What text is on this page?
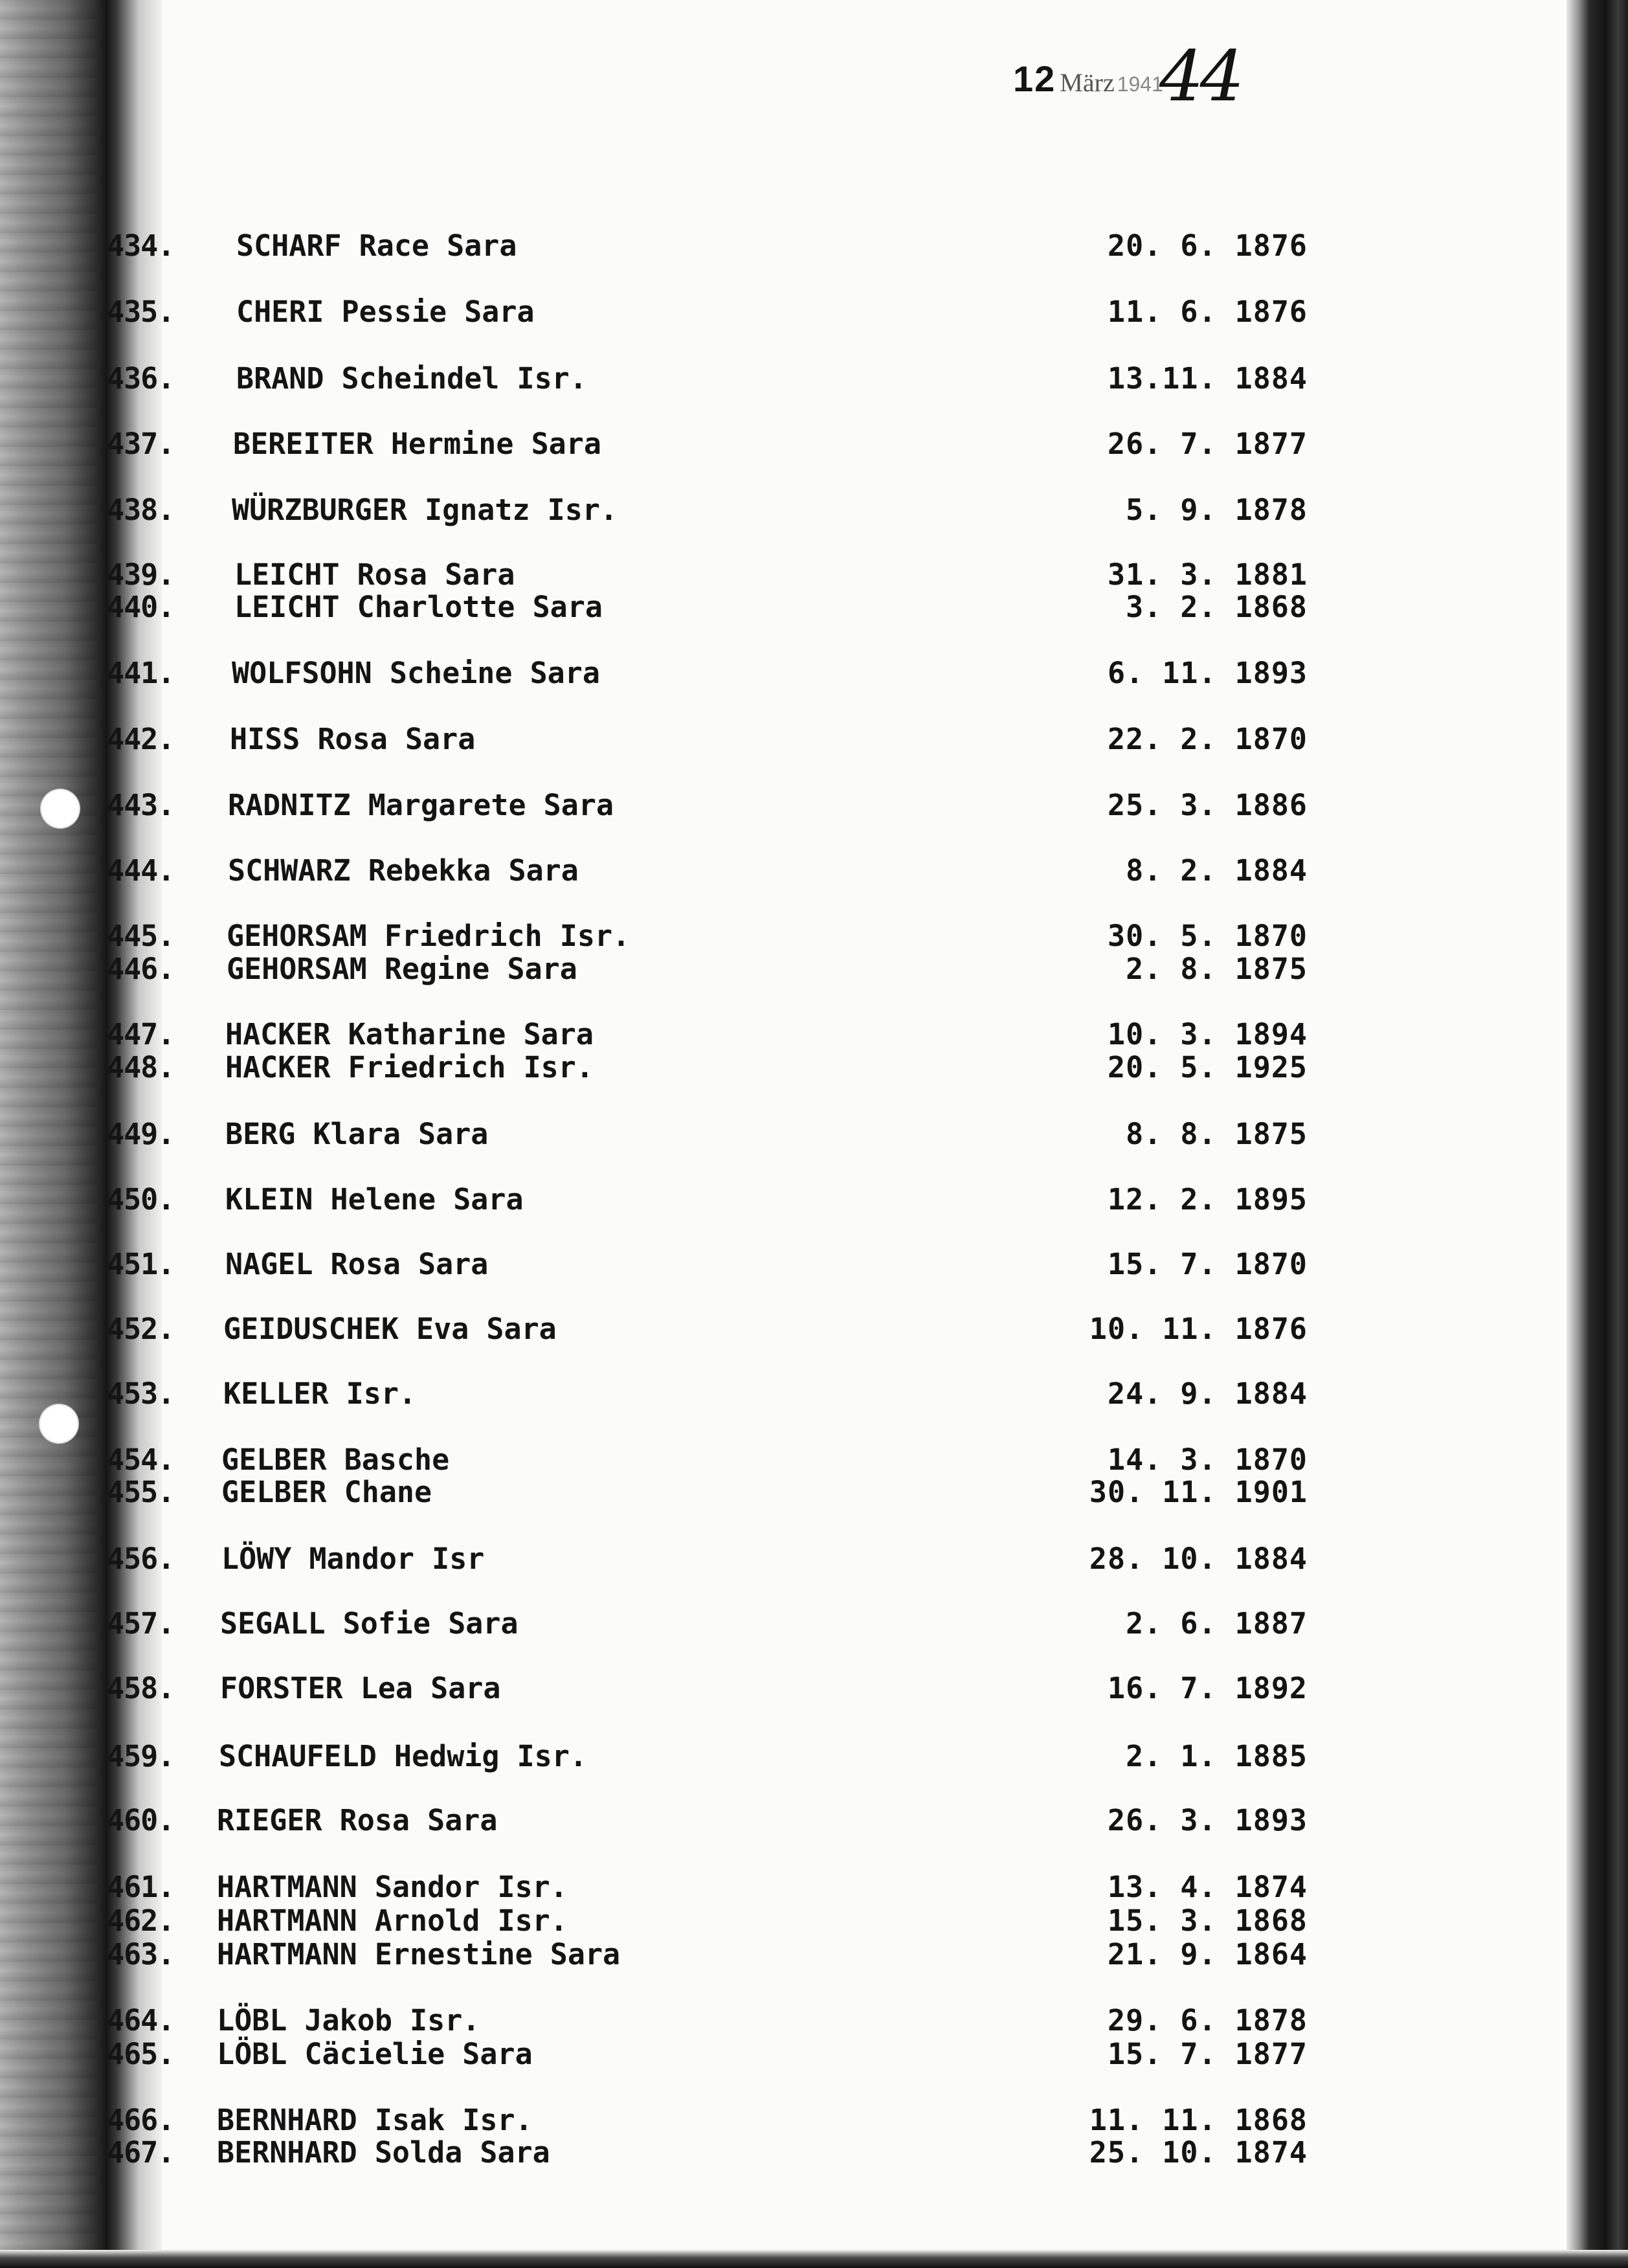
12 März 194144
434.	SCHARF Race Sara	20. 6. 1876
435.	CHERI Pessie Sara	11. 6. 1876
436.	BRAND Scheindel Isr.	13.11. 1884
437.	BEREITER Hermine Sara	26. 7. 1877
438.	WÜRZBURGER Ignatz Isr.	5. 9. 1878
439.	LEICHT Rosa Sara	31. 3. 1881
440.	LEICHT Charlotte Sara	3. 2. 1868
441.	WOLFSOHN Scheine Sara	6. 11. 1893
442.	HISS Rosa Sara	22. 2. 1870
443.	RADNITZ Margarete Sara	25. 3. 1886
444.	SCHWARZ Rebekka Sara	8. 2. 1884
445.	GEHORSAM Friedrich Isr.	30. 5. 1870
446.	GEHORSAM Regine Sara	2. 8. 1875
447.	HACKER Katharine Sara	10. 3. 1894
448.	HACKER Friedrich Isr.	20. 5. 1925
449.	BERG Klara Sara	8. 8. 1875
450.	KLEIN Helene Sara	12. 2. 1895
451.	NAGEL Rosa Sara	15. 7. 1870
452.	GEIDUSCHEK Eva Sara	10. 11. 1876
453.	KELLER Isr.	24. 9. 1884
454.	GELBER Basche	14. 3. 1870
455.	GELBER Chane	30. 11. 1901
456.	LÖWY Mandor Isr	28. 10. 1884
457.	SEGALL Sofie Sara	2. 6. 1887
458.	FORSTER Lea Sara	16. 7. 1892
459.	SCHAUFELD Hedwig Isr.	2. 1. 1885
460.	RIEGER Rosa Sara	26. 3. 1893
461.	HARTMANN Sandor Isr.	13. 4. 1874
462.	HARTMANN Arnold Isr.	15. 3. 1868
463.	HARTMANN Ernestine Sara	21. 9. 1864
464.	LÖBL Jakob Isr.	29. 6. 1878
465.	LÖBL Cäcielie Sara	15. 7. 1877
466.	BERNHARD Isak Isr.	11. 11. 1868
467.	BERNHARD Solda Sara	25. 10. 1874
